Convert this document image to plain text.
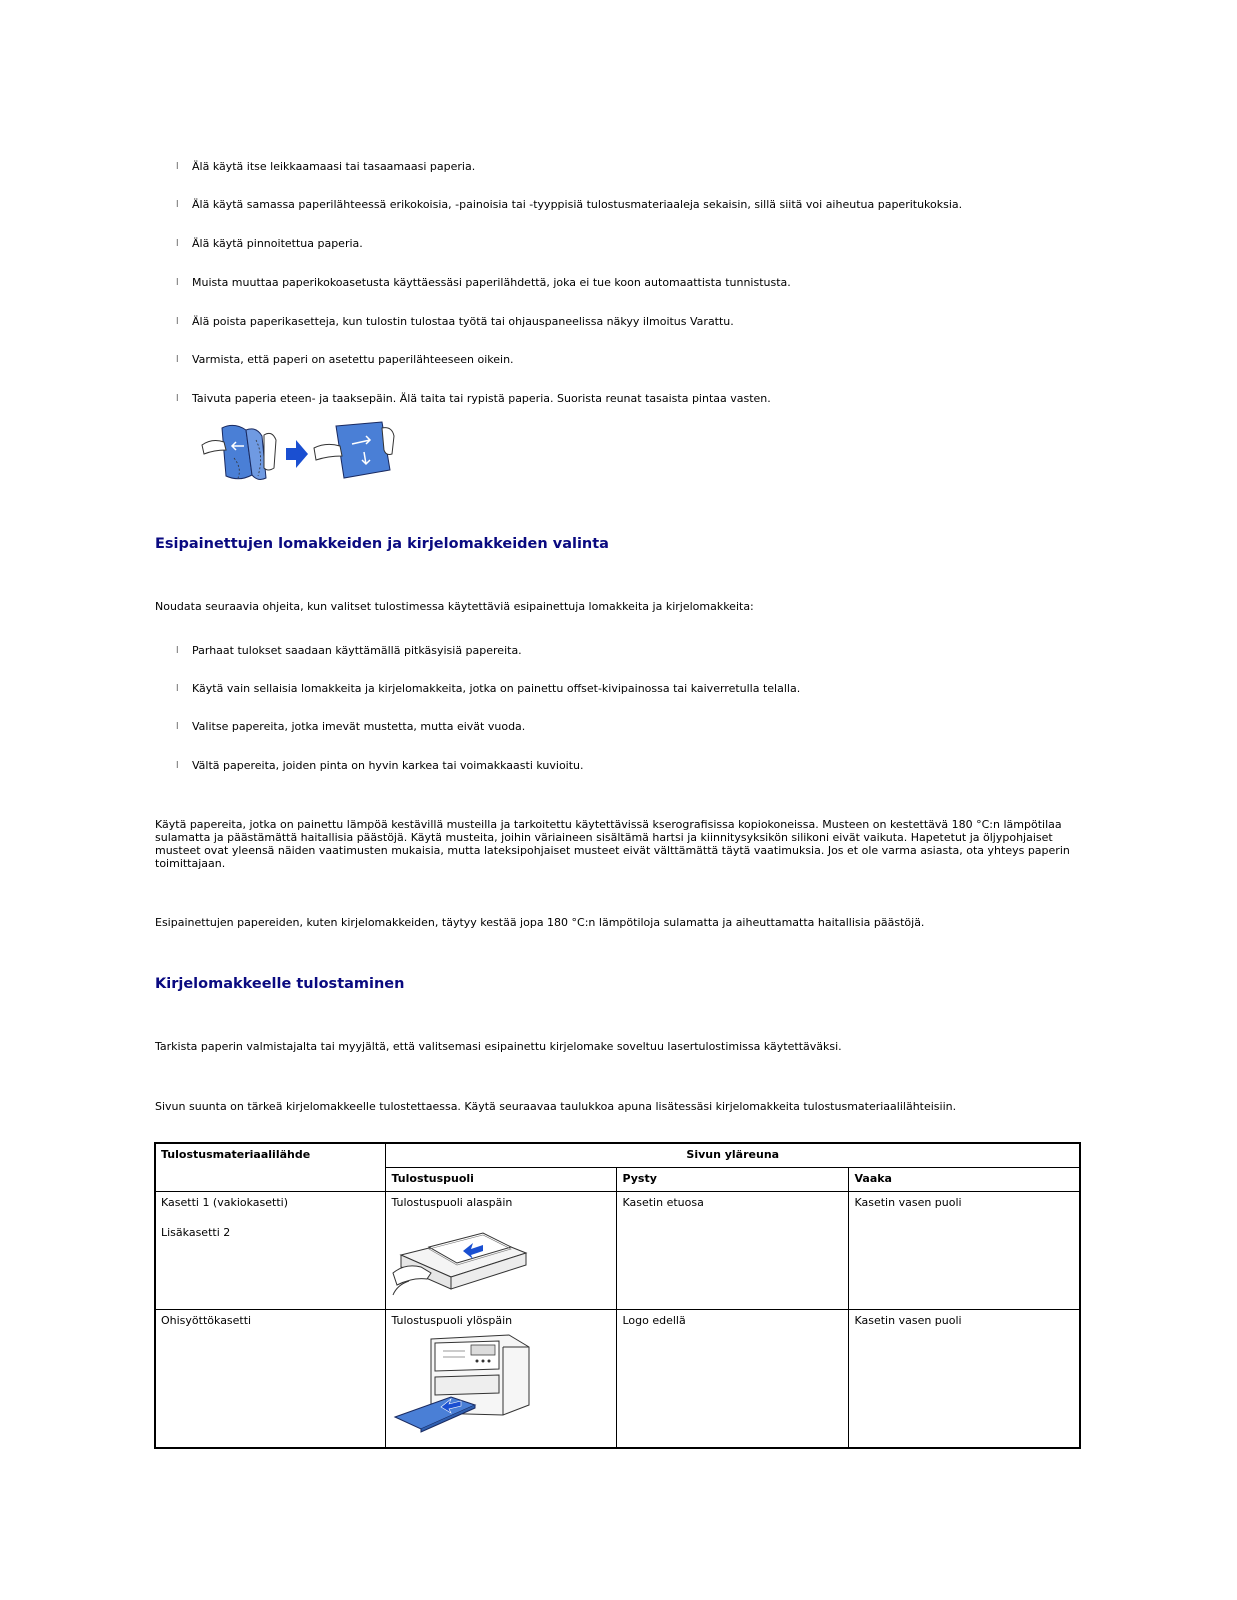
l Älä käytä itse leikkaamaasi tai tasaamaasi paperia.
l Älä käytä samassa paperilähteessä erikokoisia, -painoisia tai -tyyppisiä tulostusmateriaaleja sekaisin, sillä siitä voi aiheutua paperitukoksia.
l Älä käytä pinnoitettua paperia.
l Muista muuttaa paperikokoasetusta käyttäessäsi paperilähdettä, joka ei tue koon automaattista tunnistusta.
l Älä poista paperikasetteja, kun tulostin tulostaa työtä tai ohjauspaneelissa näkyy ilmoitus Varattu.
l Varmista, että paperi on asetettu paperilähteeseen oikein.
l Taivuta paperia eteen- ja taaksepäin. Älä taita tai rypistä paperia. Suorista reunat tasaista pintaa vasten.
Esipainettujen lomakkeiden ja kirjelomakkeiden valinta
Noudata seuraavia ohjeita, kun valitset tulostimessa käytettäviä esipainettuja lomakkeita ja kirjelomakkeita:
l Parhaat tulokset saadaan käyttämällä pitkäsyisiä papereita.
l Käytä vain sellaisia lomakkeita ja kirjelomakkeita, jotka on painettu offset-kivipainossa tai kaiverretulla telalla.
l Valitse papereita, jotka imevät mustetta, mutta eivät vuoda.
l Vältä papereita, joiden pinta on hyvin karkea tai voimakkaasti kuvioitu.
Käytä papereita, jotka on painettu lämpöä kestävillä musteilla ja tarkoitettu käytettävissä kserografisissa kopiokoneissa. Musteen on kestettävä 180 °C:n lämpötilaa sulamatta ja päästämättä haitallisia päästöjä. Käytä musteita, joihin väriaineen sisältämä hartsi ja kiinnitysyksikön silikoni eivät vaikuta. Hapetetut ja öljypohjaiset musteet ovat yleensä näiden vaatimusten mukaisia, mutta lateksipohjaiset musteet eivät välttämättä täytä vaatimuksia. Jos et ole varma asiasta, ota yhteys paperin toimittajaan.
Esipainettujen papereiden, kuten kirjelomakkeiden, täytyy kestää jopa 180 °C:n lämpötiloja sulamatta ja aiheuttamatta haitallisia päästöjä.
Kirjelomakkeelle tulostaminen
Tarkista paperin valmistajalta tai myyjältä, että valitsemasi esipainettu kirjelomake soveltuu lasertulostimissa käytettäväksi.
Sivun suunta on tärkeä kirjelomakkeelle tulostettaessa. Käytä seuraavaa taulukkoa apuna lisätessäsi kirjelomakkeita tulostusmateriaalilähteisiin.
Tulostusmateriaalilähde	Sivun yläreuna		
	Tulostuspuoli	Pysty	Vaaka

Kasetti 1 (vakiokasetti)
Lisäkasetti 2	Tulostuspuoli alaspäin	Kasetin etuosa	Kasetin vasen puoli
Ohisyöttökasetti	Tulostuspuoli ylöspäin	Logo edellä	Kasetin vasen puoli
